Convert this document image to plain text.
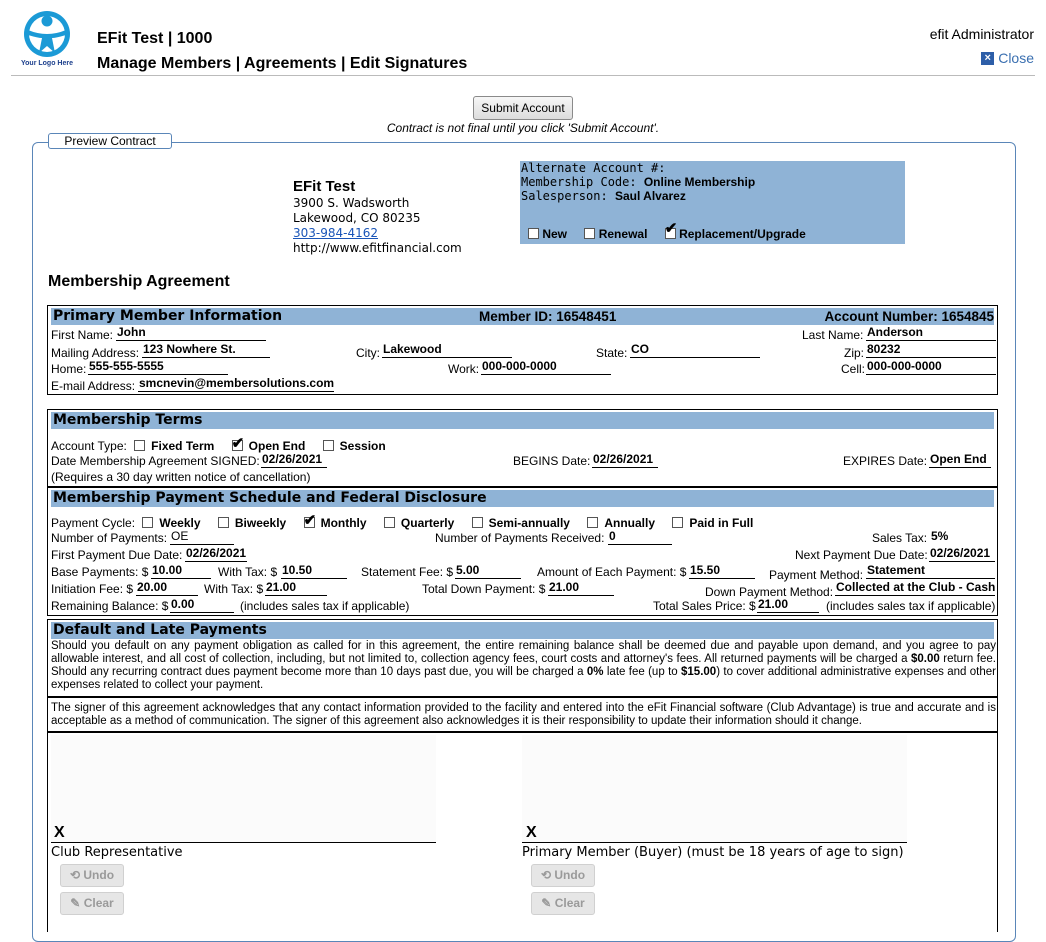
Your Logo Here
EFit Test | 1000
Manage Members | Agreements | Edit Signatures
efit Administrator
× Close
Submit Account
Contract is not final until you click 'Submit Account'.
Preview Contract
EFit Test
3900 S. Wadsworth
Lakewood, CO 80235
303-984-4162
http://www.efitfinancial.com
Alternate Account #:
Membership Code: Online Membership
Salesperson: Saul Alvarez
New	Renewal ✔	Replacement/Upgrade
Membership Agreement
Primary Member Information	Member ID: 16548451	Account Number: 1654845
First Name: John	Last Name: Anderson
Mailing Address: 123 Nowhere St.	City: Lakewood	State: CO	Zip: 80232
Home: 555-555-5555	Work: 000-000-0000	Cell: 000-000-0000
E-mail Address: smcnevin@membersolutions.com
Membership Terms
Account Type: Fixed Term ✔	Open End	Session
Date Membership Agreement SIGNED: 02/26/2021	BEGINS Date: 02/26/2021	EXPIRES Date: Open End
(Requires a 30 day written notice of cancellation)
Membership Payment Schedule and Federal Disclosure
Payment Cycle: Weekly	Biweekly ✔	Monthly	Quarterly	Semi-annually	Annually	Paid in Full
Number of Payments: OE	Number of Payments Received: 0	Sales Tax: 5%
First Payment Due Date: 02/26/2021	Next Payment Due Date: 02/26/2021
Base Payments: $ 10.00	With Tax: $ 10.50	Statement Fee: $ 5.00	Amount of Each Payment: $ 15.50	Payment Method: Statement
Initiation Fee: $ 20.00	With Tax: $ 21.00	Total Down Payment: $ 21.00	Down Payment Method: Collected at the Club - Cash
Remaining Balance: $ 0.00	(includes sales tax if applicable)	Total Sales Price: $ 21.00	(includes sales tax if applicable)
Default and Late Payments
Should you default on any payment obligation as called for in this agreement, the entire remaining balance shall be deemed due and payable upon demand, and you agree to pay allowable interest, and all cost of collection, including, but not limited to, collection agency fees, court costs and attorney's fees. All returned payments will be charged a $0.00 return fee. Should any recurring contract dues payment become more than 10 days past due, you will be charged a 0% late fee (up to $15.00) to cover additional administrative expenses and other expenses related to collect your payment.
The signer of this agreement acknowledges that any contact information provided to the facility and entered into the eFit Financial software (Club Advantage) is true and accurate and is acceptable as a method of communication. The signer of this agreement also acknowledges it is their responsibility to update their information should it change.
X
Club Representative
⟲ Undo
✎ Clear
X
Primary Member (Buyer) (must be 18 years of age to sign)
⟲ Undo
✎ Clear
